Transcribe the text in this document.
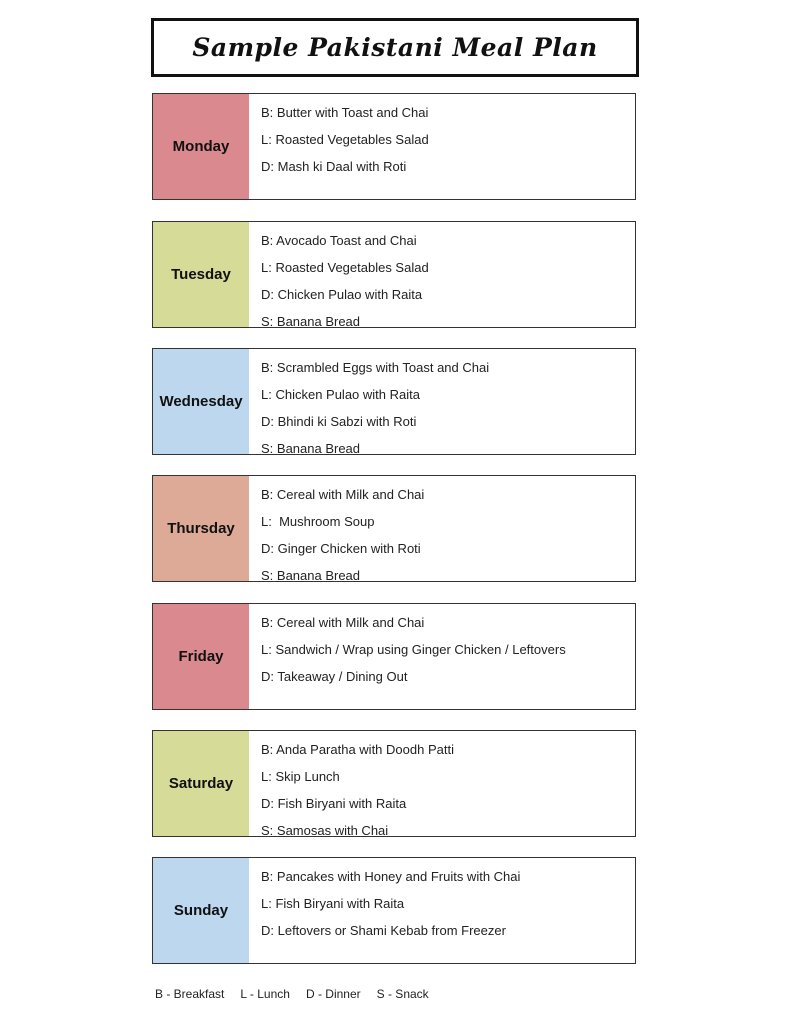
Sample Pakistani Meal Plan
Monday
B: Butter with Toast and Chai
L: Roasted Vegetables Salad
D: Mash ki Daal with Roti
Tuesday
B: Avocado Toast and Chai
L: Roasted Vegetables Salad
D: Chicken Pulao with Raita
S: Banana Bread
Wednesday
B: Scrambled Eggs with Toast and Chai
L: Chicken Pulao with Raita
D: Bhindi ki Sabzi with Roti
S: Banana Bread
Thursday
B: Cereal with Milk and Chai
L:  Mushroom Soup
D: Ginger Chicken with Roti
S: Banana Bread
Friday
B: Cereal with Milk and Chai
L: Sandwich / Wrap using Ginger Chicken / Leftovers
D: Takeaway / Dining Out
Saturday
B: Anda Paratha with Doodh Patti
L: Skip Lunch
D: Fish Biryani with Raita
S: Samosas with Chai
Sunday
B: Pancakes with Honey and Fruits with Chai
L: Fish Biryani with Raita
D: Leftovers or Shami Kebab from Freezer
B - Breakfast L - Lunch D - Dinner S - Snack
